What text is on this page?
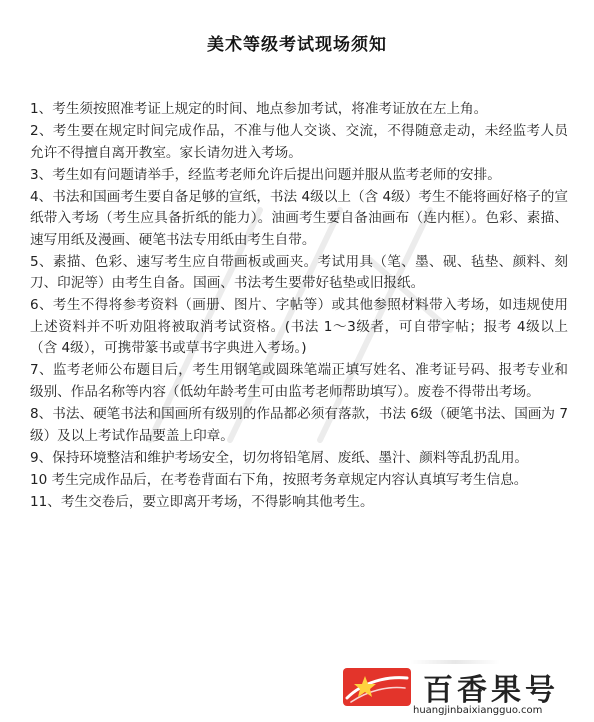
美术等级考试现场须知
1、考生须按照准考证上规定的时间、地点参加考试，将准考证放在左上角。
2、考生要在规定时间完成作品，不准与他人交谈、交流，不得随意走动，未经监考人员允许不得擅自离开教室。家长请勿进入考场。
3、考生如有问题请举手，经监考老师允许后提出问题并服从监考老师的安排。
4、书法和国画考生要自备足够的宣纸，书法 4级以上（含 4级）考生不能将画好格子的宣纸带入考场（考生应具备折纸的能力）。油画考生要自备油画布（连内框）。色彩、素描、速写用纸及漫画、硬笔书法专用纸由考生自带。
5、素描、色彩、速写考生应自带画板或画夹。考试用具（笔、墨、砚、毡垫、颜料、刻刀、印泥等）由考生自备。国画、书法考生要带好毡垫或旧报纸。
6、考生不得将参考资料（画册、图片、字帖等）或其他参照材料带入考场，如违规使用上述资料并不听劝阻将被取消考试资格。(书法 1～3级者，可自带字帖；报考 4级以上（含 4级），可携带篆书或草书字典进入考场。)
7、监考老师公布题目后，考生用钢笔或圆珠笔端正填写姓名、准考证号码、报考专业和级别、作品名称等内容（低幼年龄考生可由监考老师帮助填写）。废卷不得带出考场。
8、书法、硬笔书法和国画所有级别的作品都必须有落款，书法 6级（硬笔书法、国画为 7级）及以上考试作品要盖上印章。
9、保持环境整洁和维护考场安全，切勿将铅笔屑、废纸、墨汁、颜料等乱扔乱用。
10 考生完成作品后，在考卷背面右下角，按照考务章规定内容认真填写考生信息。
11、考生交卷后，要立即离开考场，不得影响其他考生。
百香果号
huangjinbaixiangguo.com
